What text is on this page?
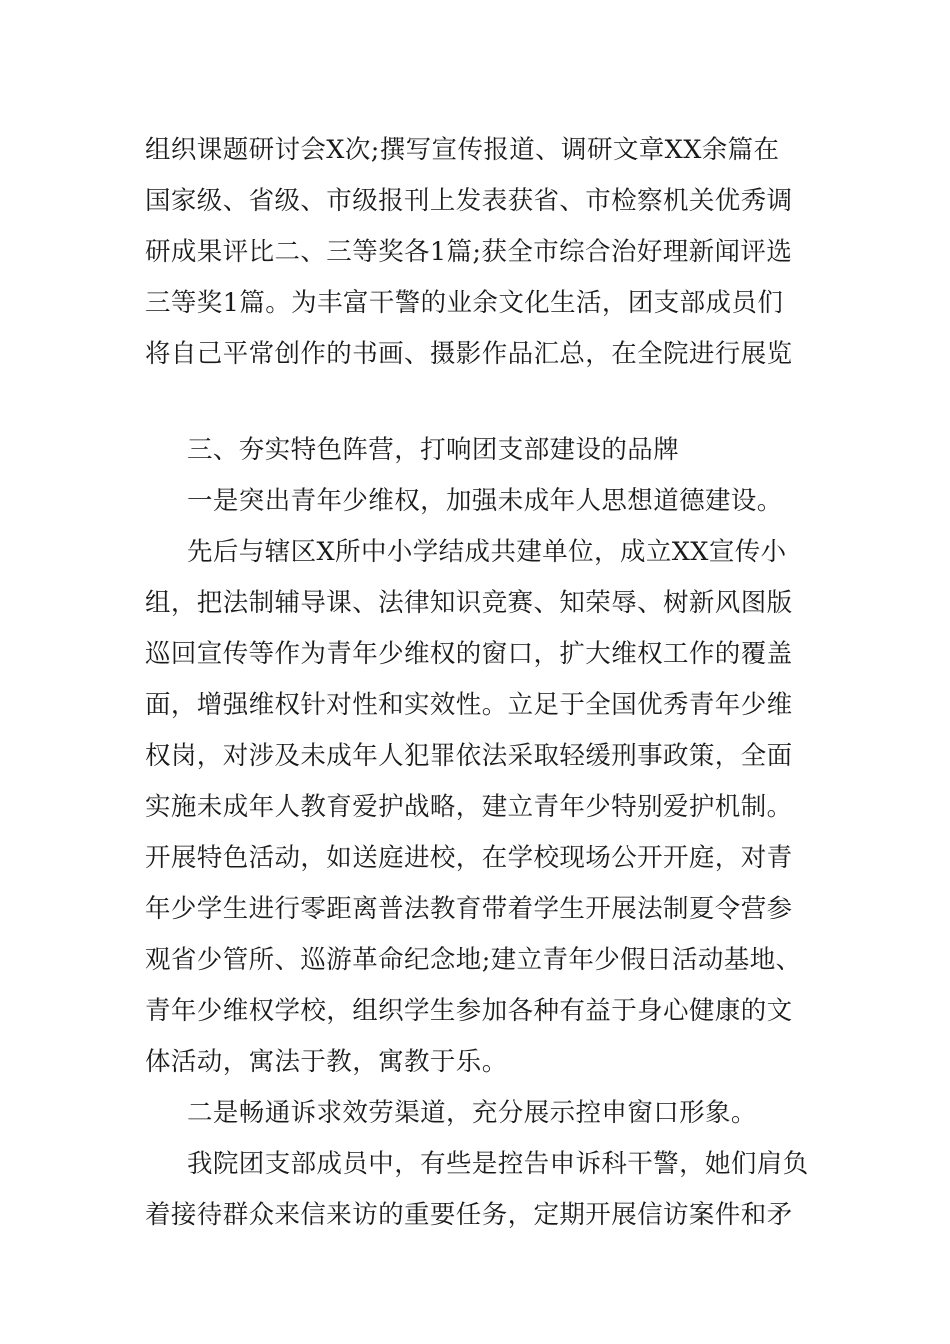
组织课题研讨会X次;撰写宣传报道、调研文章XX余篇在
国家级、省级、市级报刊上发表获省、市检察机关优秀调
研成果评比二、三等奖各1篇;获全市综合治好理新闻评选
三等奖1篇。为丰富干警的业余文化生活，团支部成员们
将自己平常创作的书画、摄影作品汇总，在全院进行展览
三、夯实特色阵营，打响团支部建设的品牌
一是突出青年少维权，加强未成年人思想道德建设。
先后与辖区X所中小学结成共建单位，成立XX宣传小
组，把法制辅导课、法律知识竞赛、知荣辱、树新风图版
巡回宣传等作为青年少维权的窗口，扩大维权工作的覆盖
面，增强维权针对性和实效性。立足于全国优秀青年少维
权岗，对涉及未成年人犯罪依法采取轻缓刑事政策，全面
实施未成年人教育爱护战略，建立青年少特别爱护机制。
开展特色活动，如送庭进校，在学校现场公开开庭，对青
年少学生进行零距离普法教育带着学生开展法制夏令营参
观省少管所、巡游革命纪念地;建立青年少假日活动基地、
青年少维权学校，组织学生参加各种有益于身心健康的文
体活动，寓法于教，寓教于乐。
二是畅通诉求效劳渠道，充分展示控申窗口形象。
我院团支部成员中，有些是控告申诉科干警，她们肩负
着接待群众来信来访的重要任务，定期开展信访案件和矛
